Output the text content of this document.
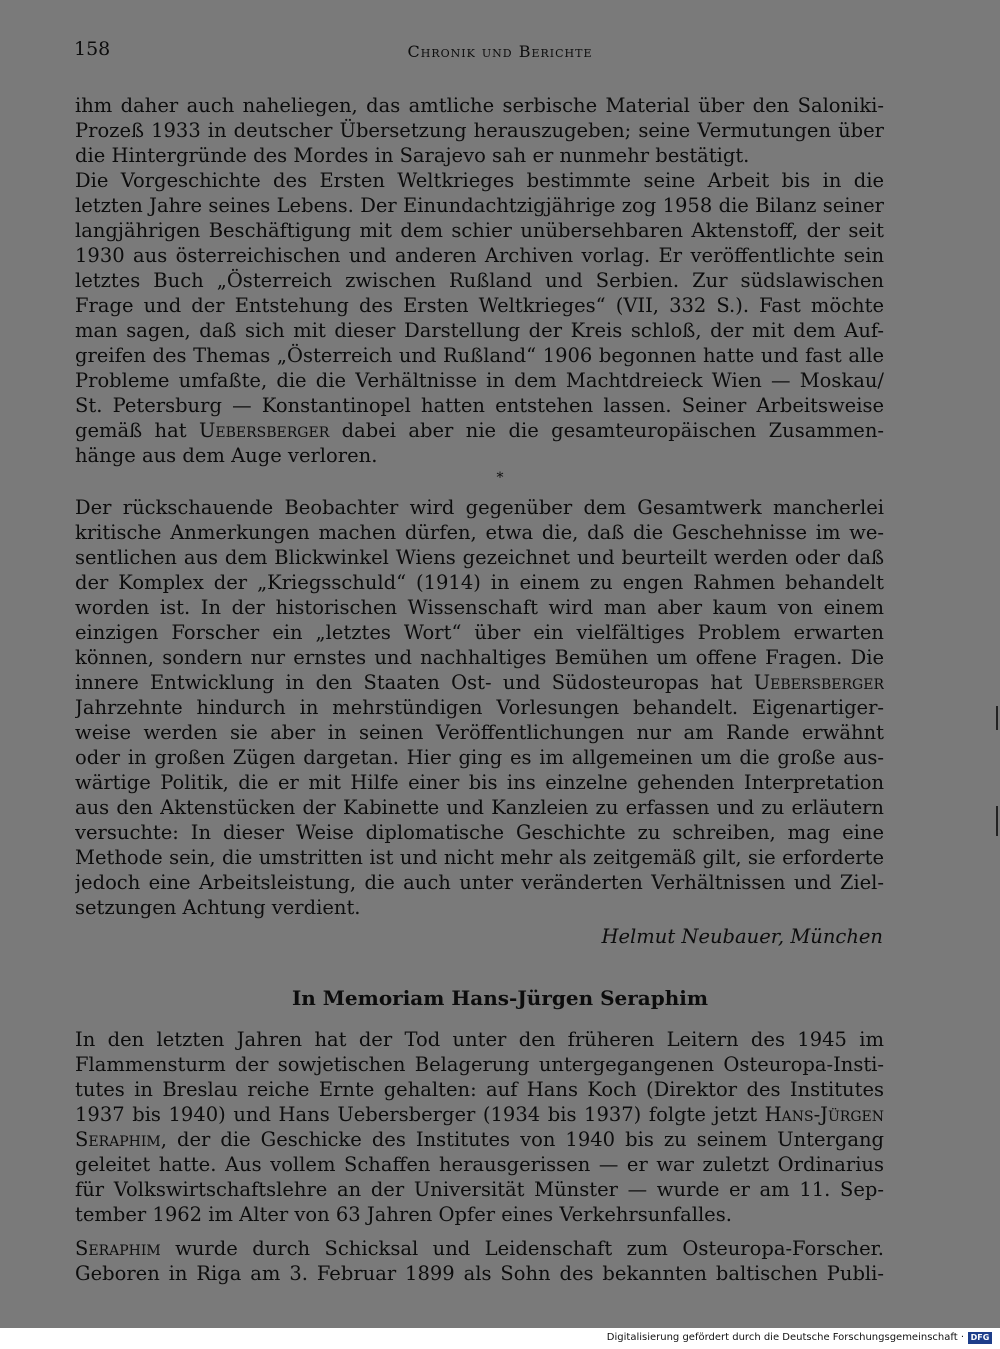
158	Chronik und Berichte
ihm daher auch naheliegen, das amtliche serbische Material über den Saloniki-
Prozeß 1933 in deutscher Übersetzung herauszugeben; seine Vermutungen über
die Hintergründe des Mordes in Sarajevo sah er nunmehr bestätigt.
Die Vorgeschichte des Ersten Weltkrieges bestimmte seine Arbeit bis in die
letzten Jahre seines Lebens. Der Einundachtzigjährige zog 1958 die Bilanz seiner
langjährigen Beschäftigung mit dem schier unübersehbaren Aktenstoff, der seit
1930 aus österreichischen und anderen Archiven vorlag. Er veröffentlichte sein
letztes Buch „Österreich zwischen Rußland und Serbien. Zur südslawischen
Frage und der Entstehung des Ersten Weltkrieges“ (VII, 332 S.). Fast möchte
man sagen, daß sich mit dieser Darstellung der Kreis schloß, der mit dem Auf-
greifen des Themas „Österreich und Rußland“ 1906 begonnen hatte und fast alle
Probleme umfaßte, die die Verhältnisse in dem Machtdreieck Wien — Moskau/
St. Petersburg — Konstantinopel hatten entstehen lassen. Seiner Arbeitsweise
gemäß hat Uebersberger dabei aber nie die gesamteuropäischen Zusammen-
hänge aus dem Auge verloren.
*
Der rückschauende Beobachter wird gegenüber dem Gesamtwerk mancherlei
kritische Anmerkungen machen dürfen, etwa die, daß die Geschehnisse im we-
sentlichen aus dem Blickwinkel Wiens gezeichnet und beurteilt werden oder daß
der Komplex der „Kriegsschuld“ (1914) in einem zu engen Rahmen behandelt
worden ist. In der historischen Wissenschaft wird man aber kaum von einem
einzigen Forscher ein „letztes Wort“ über ein vielfältiges Problem erwarten
können, sondern nur ernstes und nachhaltiges Bemühen um offene Fragen. Die
innere Entwicklung in den Staaten Ost- und Südosteuropas hat Uebersberger
Jahrzehnte hindurch in mehrstündigen Vorlesungen behandelt. Eigenartiger-
weise werden sie aber in seinen Veröffentlichungen nur am Rande erwähnt
oder in großen Zügen dargetan. Hier ging es im allgemeinen um die große aus-
wärtige Politik, die er mit Hilfe einer bis ins einzelne gehenden Interpretation
aus den Aktenstücken der Kabinette und Kanzleien zu erfassen und zu erläutern
versuchte: In dieser Weise diplomatische Geschichte zu schreiben, mag eine
Methode sein, die umstritten ist und nicht mehr als zeitgemäß gilt, sie erforderte
jedoch eine Arbeitsleistung, die auch unter veränderten Verhältnissen und Ziel-
setzungen Achtung verdient.
Helmut Neubauer, München
In Memoriam Hans-Jürgen Seraphim
In den letzten Jahren hat der Tod unter den früheren Leitern des 1945 im
Flammensturm der sowjetischen Belagerung untergegangenen Osteuropa-Insti-
tutes in Breslau reiche Ernte gehalten: auf Hans Koch (Direktor des Institutes
1937 bis 1940) und Hans Uebersberger (1934 bis 1937) folgte jetzt Hans-Jürgen
Seraphim, der die Geschicke des Institutes von 1940 bis zu seinem Untergang
geleitet hatte. Aus vollem Schaffen herausgerissen — er war zuletzt Ordinarius
für Volkswirtschaftslehre an der Universität Münster — wurde er am 11. Sep-
tember 1962 im Alter von 63 Jahren Opfer eines Verkehrsunfalles.
Seraphim wurde durch Schicksal und Leidenschaft zum Osteuropa-Forscher.
Geboren in Riga am 3. Februar 1899 als Sohn des bekannten baltischen Publi-
Digitalisierung gefördert durch die Deutsche Forschungsgemeinschaft · DFG
